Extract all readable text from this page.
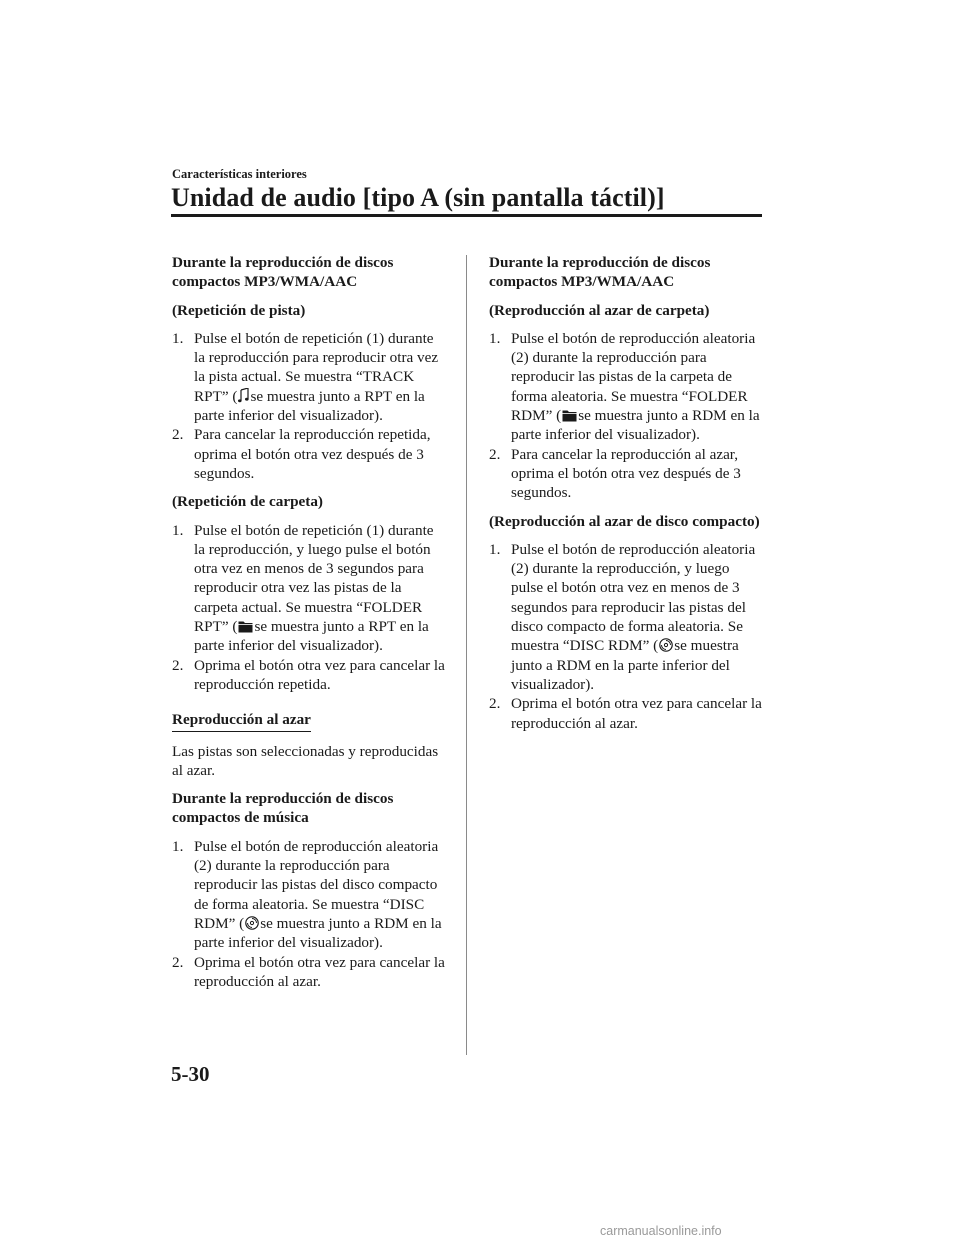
Características interiores
Unidad de audio [tipo A (sin pantalla táctil)]

Durante la reproducción de discos compactos MP3/WMA/AAC

(Repetición de pista)

1. Pulse el botón de repetición (1) durante la reproducción para reproducir otra vez la pista actual. Se muestra “TRACK RPT” ( se muestra junto a RPT en la parte inferior del visualizador).
2. Para cancelar la reproducción repetida, oprima el botón otra vez después de 3 segundos.

(Repetición de carpeta)

1. Pulse el botón de repetición (1) durante la reproducción, y luego pulse el botón otra vez en menos de 3 segundos para reproducir otra vez las pistas de la carpeta actual. Se muestra “FOLDER RPT” ( se muestra junto a RPT en la parte inferior del visualizador).
2. Oprima el botón otra vez para cancelar la reproducción repetida.
Reproducción al azar

Las pistas son seleccionadas y reproducidas al azar.

Durante la reproducción de discos compactos de música

1. Pulse el botón de reproducción aleatoria (2) durante la reproducción para reproducir las pistas del disco compacto de forma aleatoria. Se muestra “DISC RDM” ( se muestra junto a RDM en la parte inferior del visualizador).
2. Oprima el botón otra vez para cancelar la reproducción al azar.

Durante la reproducción de discos compactos MP3/WMA/AAC

(Reproducción al azar de carpeta)

1. Pulse el botón de reproducción aleatoria (2) durante la reproducción para reproducir las pistas de la carpeta de forma aleatoria. Se muestra “FOLDER RDM” ( se muestra junto a RDM en la parte inferior del visualizador).
2. Para cancelar la reproducción al azar, oprima el botón otra vez después de 3 segundos.

(Reproducción al azar de disco compacto)

1. Pulse el botón de reproducción aleatoria (2) durante la reproducción, y luego pulse el botón otra vez en menos de 3 segundos para reproducir las pistas del disco compacto de forma aleatoria. Se muestra “DISC RDM” ( se muestra junto a RDM en la parte inferior del visualizador).
2. Oprima el botón otra vez para cancelar la reproducción al azar.
5-30
carmanualsonline.info
